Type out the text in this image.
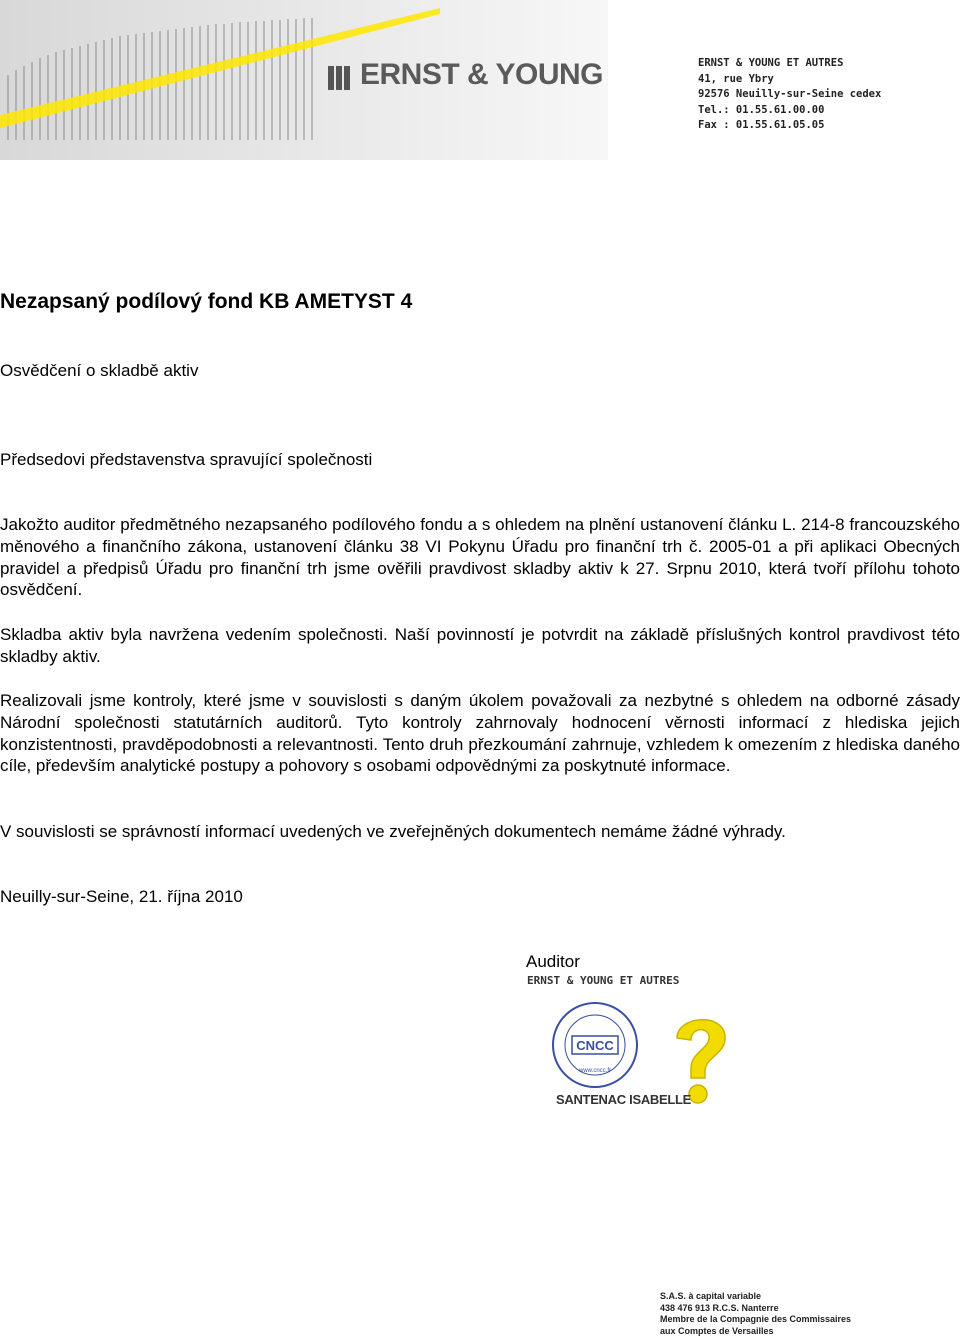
ERNST & YOUNG	ERNST & YOUNG ET AUTRES
41, rue Ybry
92576 Neuilly-sur-Seine cedex
Tel.: 01.55.61.00.00
Fax : 01.55.61.05.05
Nezapsaný podílový fond KB AMETYST 4
Osvědčení o skladbě aktiv
Předsedovi představenstva spravující společnosti
Jakožto auditor předmětného nezapsaného podílového fondu a s ohledem na plnění ustanovení článku L. 214-8 francouzského měnového a finančního zákona, ustanovení článku 38 VI Pokynu Úřadu pro finanční trh č. 2005-01 a při aplikaci Obecných pravidel a předpisů Úřadu pro finanční trh jsme ověřili pravdivost skladby aktiv k 27. Srpnu 2010, která tvoří přílohu tohoto osvědčení.
Skladba aktiv byla navržena vedením společnosti. Naší povinností je potvrdit na základě příslušných kontrol pravdivost této skladby aktiv.
Realizovali jsme kontroly, které jsme v souvislosti s daným úkolem považovali za nezbytné s ohledem na odborné zásady Národní společnosti statutárních auditorů. Tyto kontroly zahrnovaly hodnocení věrnosti informací z hlediska jejich konzistentnosti, pravděpodobnosti a relevantnosti. Tento druh přezkoumání zahrnuje, vzhledem k omezením z hlediska daného cíle, především analytické postupy a pohovory s osobami odpovědnými za poskytnuté informace.
V souvislosti se správností informací uvedených ve zveřejněných dokumentech nemáme žádné výhrady.
Neuilly-sur-Seine, 21. října 2010
Auditor
ERNST & YOUNG ET AUTRES
CNCC
www.cncc.fr
SANTENAC ISABELLE
S.A.S. à capital variable
438 476 913 R.C.S. Nanterre
Membre de la Compagnie des Commissaires
aux Comptes de Versailles
